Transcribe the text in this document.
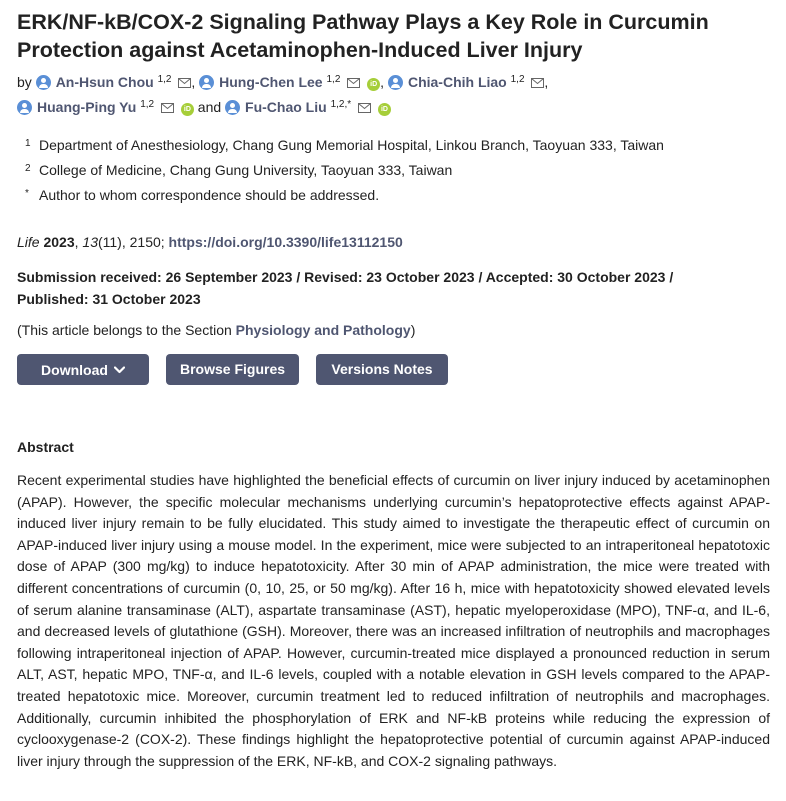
ERK/NF-kB/COX-2 Signaling Pathway Plays a Key Role in Curcumin Protection against Acetaminophen-Induced Liver Injury
by An-Hsun Chou $^{1,2}$ , Hung-Chen Lee $^{1,2}$	iD , Chia-Chih Liao $^{1,2}$ ,
Huang-Ping Yu $^{1,2}$	iD and Fu-Chao Liu $^{1,2,*}$	iD
1 Department of Anesthesiology, Chang Gung Memorial Hospital, Linkou Branch, Taoyuan 333, Taiwan
2 College of Medicine, Chang Gung University, Taoyuan 333, Taiwan
* Author to whom correspondence should be addressed.
Life 2023, 13(11), 2150; https://doi.org/10.3390/life13112150
Submission received: 26 September 2023 / Revised: 23 October 2023 / Accepted: 30 October 2023 /
Published: 31 October 2023
(This article belongs to the Section Physiology and Pathology)
Download	Browse Figures	Versions Notes
Abstract
Recent experimental studies have highlighted the beneficial effects of curcumin on liver injury induced by acetaminophen (APAP). However, the specific molecular mechanisms underlying curcumin’s hepatoprotective effects against APAP-induced liver injury remain to be fully elucidated. This study aimed to investigate the therapeutic effect of curcumin on APAP-induced liver injury using a mouse model. In the experiment, mice were subjected to an intraperitoneal hepatotoxic dose of APAP (300 mg/kg) to induce hepatotoxicity. After 30 min of APAP administration, the mice were treated with different concentrations of curcumin (0, 10, 25, or 50 mg/kg). After 16 h, mice with hepatotoxicity showed elevated levels of serum alanine transaminase (ALT), aspartate transaminase (AST), hepatic myeloperoxidase (MPO), TNF-α, and IL-6, and decreased levels of glutathione (GSH). Moreover, there was an increased infiltration of neutrophils and macrophages following intraperitoneal injection of APAP. However, curcumin-treated mice displayed a pronounced reduction in serum ALT, AST, hepatic MPO, TNF-α, and IL-6 levels, coupled with a notable elevation in GSH levels compared to the APAP-treated hepatotoxic mice. Moreover, curcumin treatment led to reduced infiltration of neutrophils and macrophages. Additionally, curcumin inhibited the phosphorylation of ERK and NF-kB proteins while reducing the expression of cyclooxygenase-2 (COX-2). These findings highlight the hepatoprotective potential of curcumin against APAP-induced liver injury through the suppression of the ERK, NF-kB, and COX-2 signaling pathways.
